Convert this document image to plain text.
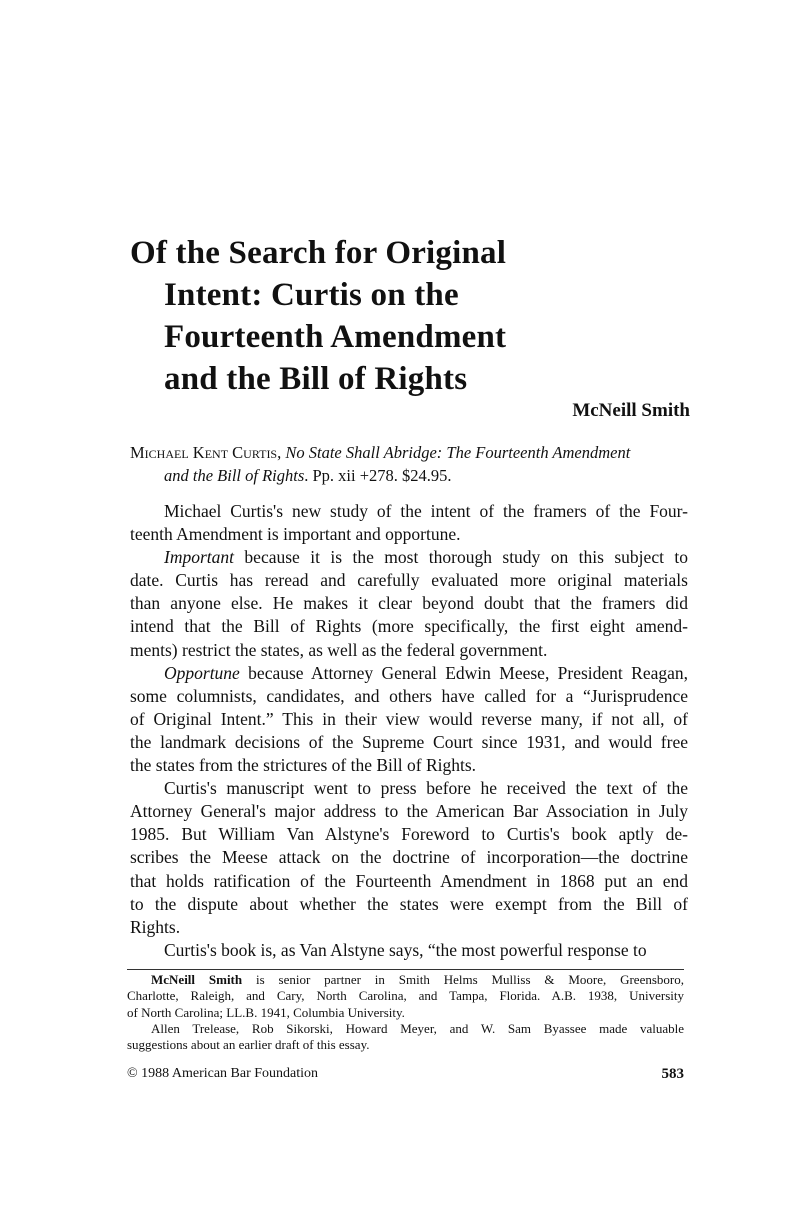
Of the Search for Original
Intent: Curtis on the
Fourteenth Amendment
and the Bill of Rights
McNeill Smith
Michael Kent Curtis, No State Shall Abridge: The Fourteenth Amendment
and the Bill of Rights. Pp. xii +278. $24.95.
Michael Curtis's new study of the intent of the framers of the Four-
teenth Amendment is important and opportune.
Important because it is the most thorough study on this subject to
date. Curtis has reread and carefully evaluated more original materials
than anyone else. He makes it clear beyond doubt that the framers did
intend that the Bill of Rights (more specifically, the first eight amend-
ments) restrict the states, as well as the federal government.
Opportune because Attorney General Edwin Meese, President Reagan,
some columnists, candidates, and others have called for a “Jurisprudence
of Original Intent.” This in their view would reverse many, if not all, of
the landmark decisions of the Supreme Court since 1931, and would free
the states from the strictures of the Bill of Rights.
Curtis's manuscript went to press before he received the text of the
Attorney General's major address to the American Bar Association in July
1985. But William Van Alstyne's Foreword to Curtis's book aptly de-
scribes the Meese attack on the doctrine of incorporation—the doctrine
that holds ratification of the Fourteenth Amendment in 1868 put an end
to the dispute about whether the states were exempt from the Bill of
Rights.
Curtis's book is, as Van Alstyne says, “the most powerful response to
McNeill Smith is senior partner in Smith Helms Mulliss & Moore, Greensboro,
Charlotte, Raleigh, and Cary, North Carolina, and Tampa, Florida. A.B. 1938, University
of North Carolina; LL.B. 1941, Columbia University.
Allen Trelease, Rob Sikorski, Howard Meyer, and W. Sam Byassee made valuable
suggestions about an earlier draft of this essay.
© 1988 American Bar Foundation	583
